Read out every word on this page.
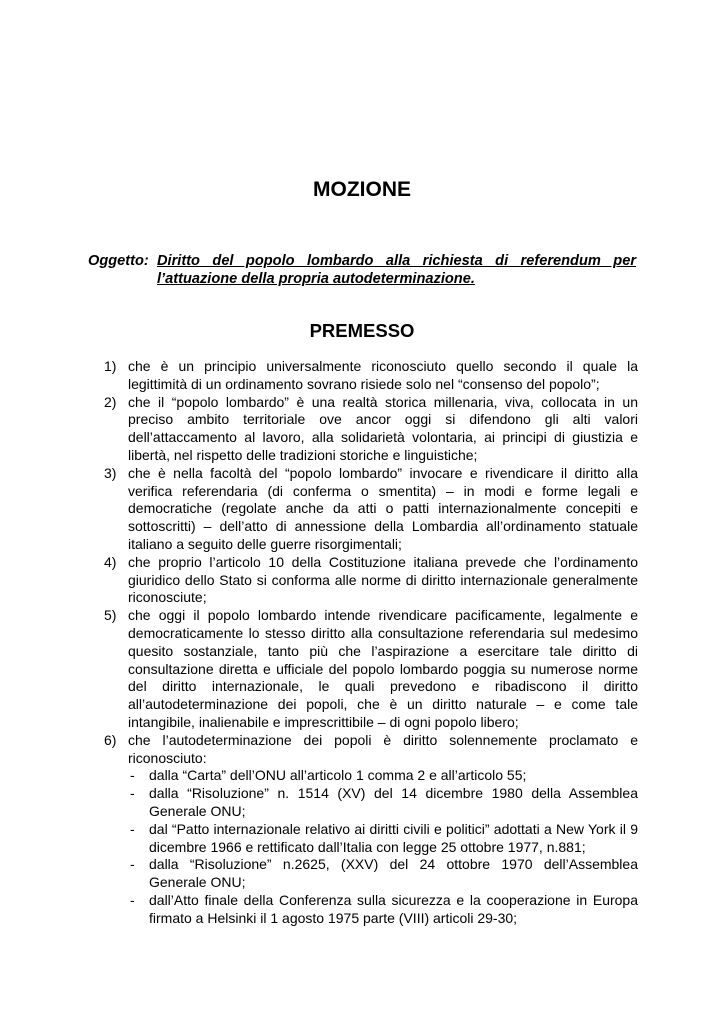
MOZIONE
Oggetto: Diritto del popolo lombardo alla richiesta di referendum per
l’attuazione della propria autodeterminazione.
PREMESSO
1) che è un principio universalmente riconosciuto quello secondo il quale la legittimità di un ordinamento sovrano risiede solo nel “consenso del popolo”;
2) che il “popolo lombardo” è una realtà storica millenaria, viva, collocata in un preciso ambito territoriale ove ancor oggi si difendono gli alti valori dell’attaccamento al lavoro, alla solidarietà volontaria, ai principi di giustizia e libertà, nel rispetto delle tradizioni storiche e linguistiche;
3) che è nella facoltà del “popolo lombardo” invocare e rivendicare il diritto alla verifica referendaria (di conferma o smentita) – in modi e forme legali e democratiche (regolate anche da atti o patti internazionalmente concepiti e sottoscritti) – dell’atto di annessione della Lombardia all’ordinamento statuale italiano a seguito delle guerre risorgimentali;
4) che proprio l’articolo 10 della Costituzione italiana prevede che l’ordinamento giuridico dello Stato si conforma alle norme di diritto internazionale generalmente riconosciute;
5) che oggi il popolo lombardo intende rivendicare pacificamente, legalmente e democraticamente lo stesso diritto alla consultazione referendaria sul medesimo quesito sostanziale, tanto più che l’aspirazione a esercitare tale diritto di consultazione diretta e ufficiale del popolo lombardo poggia su numerose norme del diritto internazionale, le quali prevedono e ribadiscono il diritto all’autodeterminazione dei popoli, che è un diritto naturale – e come tale intangibile, inalienabile e imprescrittibile – di ogni popolo libero;
6) che l’autodeterminazione dei popoli è diritto solennemente proclamato e riconosciuto:
- dalla “Carta” dell’ONU all’articolo 1 comma 2 e all’articolo 55;
- dalla “Risoluzione” n. 1514 (XV) del 14 dicembre 1980 della Assemblea Generale ONU;
- dal “Patto internazionale relativo ai diritti civili e politici” adottati a New York il 9 dicembre 1966 e rettificato dall’Italia con legge 25 ottobre 1977, n.881;
- dalla “Risoluzione” n.2625, (XXV) del 24 ottobre 1970 dell’Assemblea Generale ONU;
- dall’Atto finale della Conferenza sulla sicurezza e la cooperazione in Europa firmato a Helsinki il 1 agosto 1975 parte (VIII) articoli 29-30;
